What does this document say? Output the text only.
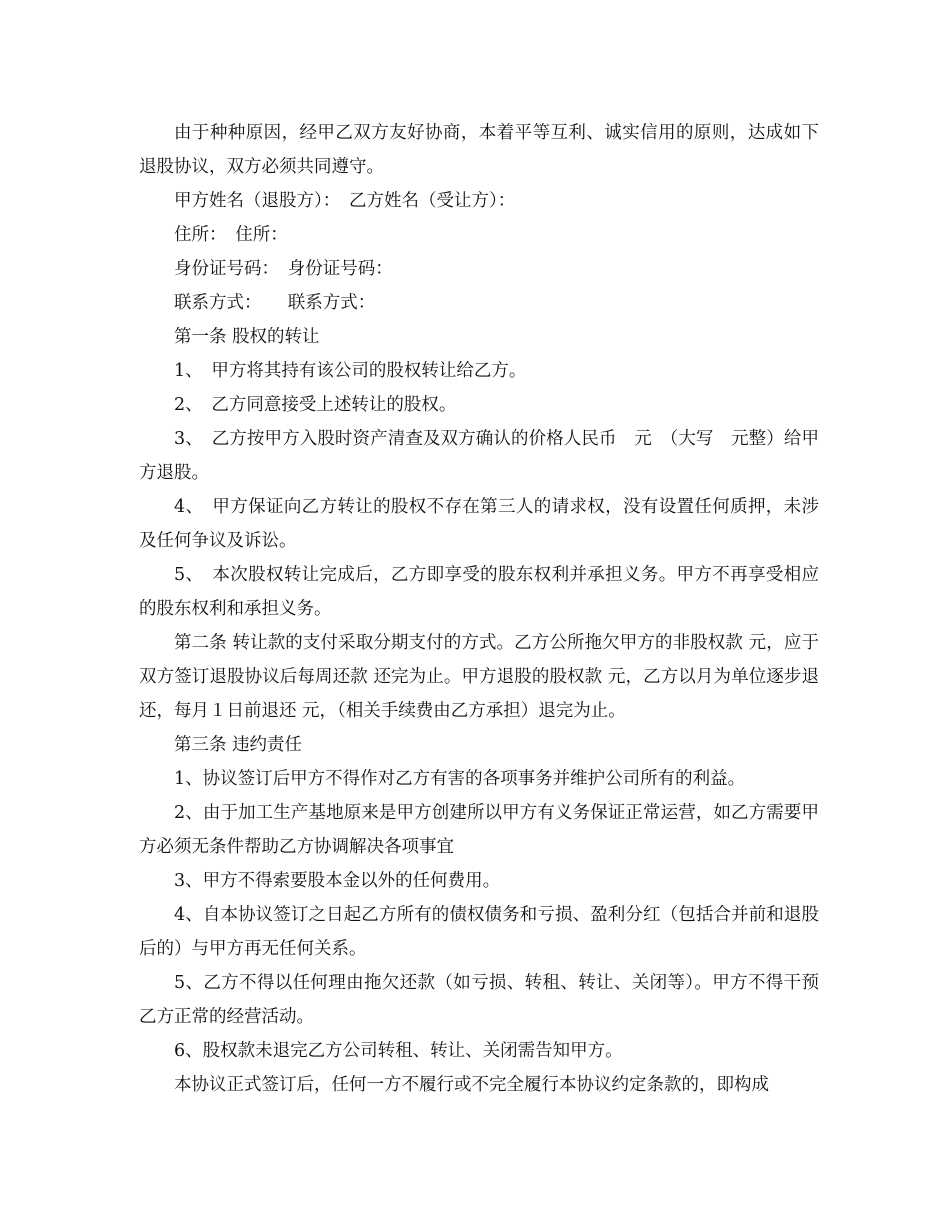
由于种种原因，经甲乙双方友好协商，本着平等互利、诚实信用的原则，达成如下退股协议，双方必须共同遵守。

甲方姓名（退股方）：　乙方姓名（受让方）：

住所：　住所：

身份证号码：　身份证号码：

联系方式：　　联系方式：

第一条 股权的转让

1、　甲方将其持有该公司的股权转让给乙方。

2、　乙方同意接受上述转让的股权。

3、　乙方按甲方入股时资产清查及双方确认的价格人民币　元　（大写　元整）给甲方退股。

4、　甲方保证向乙方转让的股权不存在第三人的请求权，没有设置任何质押，未涉及任何争议及诉讼。

5、　本次股权转让完成后，乙方即享受的股东权利并承担义务。甲方不再享受相应的股东权利和承担义务。

第二条 转让款的支付采取分期支付的方式。乙方公所拖欠甲方的非股权款 元，应于双方签订退股协议后每周还款 还完为止。甲方退股的股权款 元，乙方以月为单位逐步退还，每月１日前退还 元，（相关手续费由乙方承担）退完为止。

第三条 违约责任

1、协议签订后甲方不得作对乙方有害的各项事务并维护公司所有的利益。

2、由于加工生产基地原来是甲方创建所以甲方有义务保证正常运营，如乙方需要甲方必须无条件帮助乙方协调解决各项事宜

3、甲方不得索要股本金以外的任何费用。

4、自本协议签订之日起乙方所有的债权债务和亏损、盈利分红（包括合并前和退股后的）与甲方再无任何关系。

5、乙方不得以任何理由拖欠还款（如亏损、转租、转让、关闭等）。甲方不得干预乙方正常的经营活动。

6、股权款未退完乙方公司转租、转让、关闭需告知甲方。

本协议正式签订后，任何一方不履行或不完全履行本协议约定条款的，即构成
